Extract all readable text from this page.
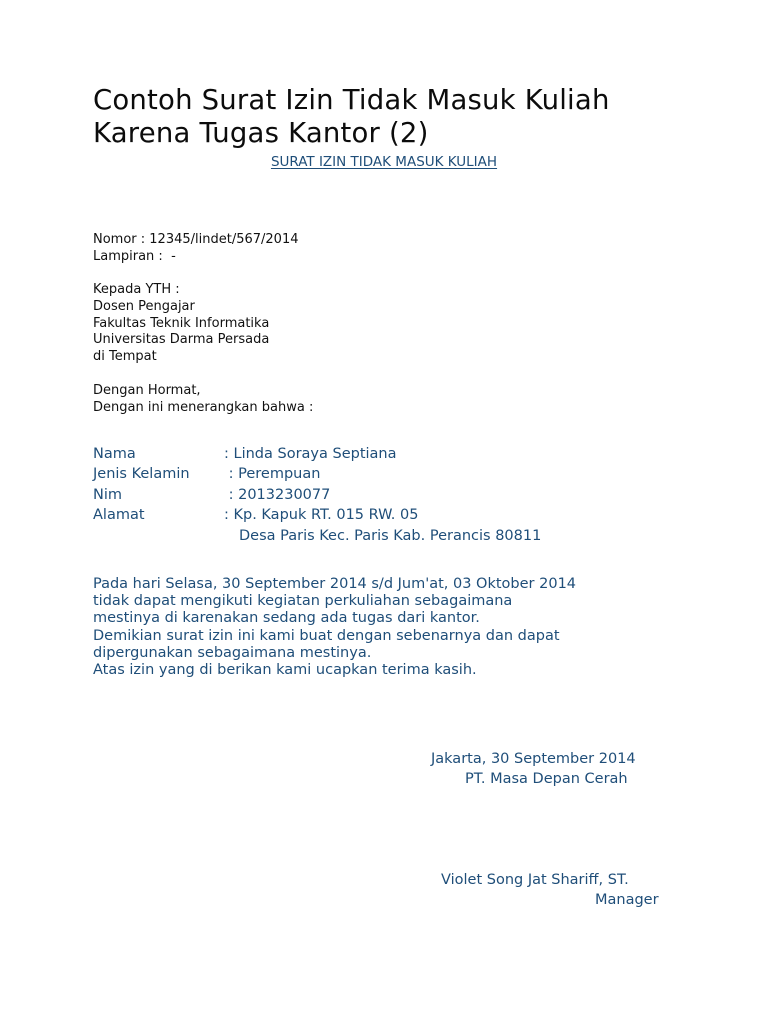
Contoh Surat Izin Tidak Masuk Kuliah
Karena Tugas Kantor (2)
SURAT IZIN TIDAK MASUK KULIAH
Nomor : 12345/lindet/567/2014
Lampiran :  -
Kepada YTH :
Dosen Pengajar
Fakultas Teknik Informatika
Universitas Darma Persada
di Tempat
Dengan Hormat,
Dengan ini menerangkan bahwa :
Nama	: Linda Soraya Septiana
Jenis Kelamin	: Perempuan
Nim	: 2013230077
Alamat	: Kp. Kapuk RT. 015 RW. 05
Desa Paris Kec. Paris Kab. Perancis 80811
Pada hari Selasa, 30 September 2014 s/d Jum'at, 03 Oktober 2014
tidak dapat mengikuti kegiatan perkuliahan sebagaimana
mestinya di karenakan sedang ada tugas dari kantor.
Demikian surat izin ini kami buat dengan sebenarnya dan dapat
dipergunakan sebagaimana mestinya.
Atas izin yang di berikan kami ucapkan terima kasih.
Jakarta, 30 September 2014
PT. Masa Depan Cerah
Violet Song Jat Shariff, ST.
Manager
